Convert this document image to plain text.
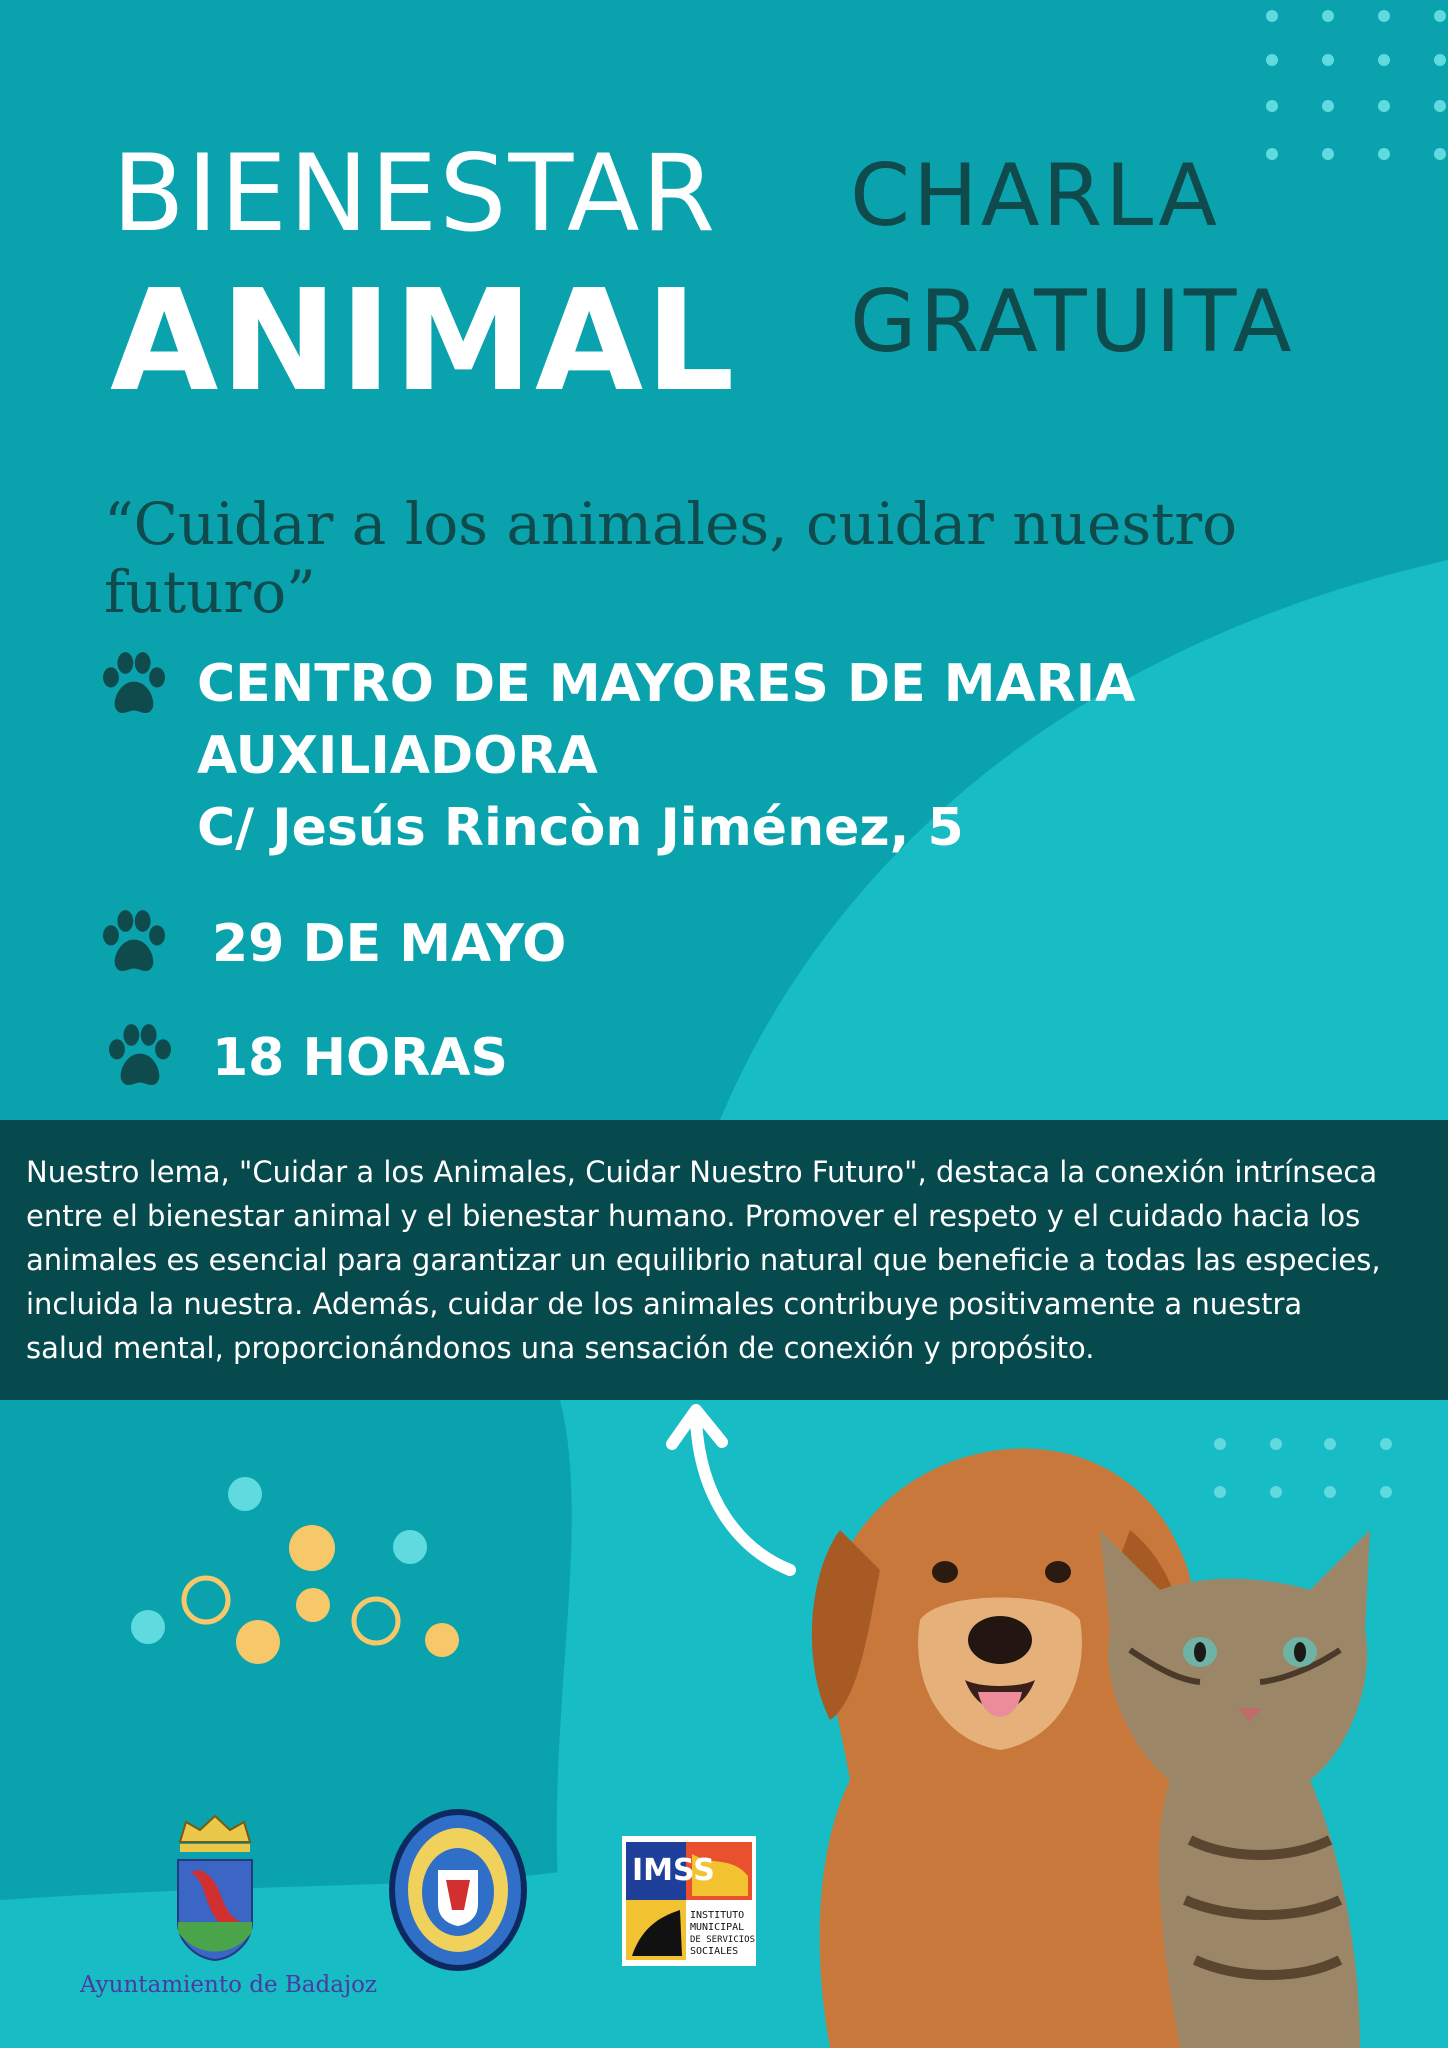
BIENESTAR
ANIMAL
CHARLA
GRATUITA
“Cuidar a los animales, cuidar nuestro futuro”
CENTRO DE MAYORES DE MARIA
AUXILIADORA
C/ Jesús Rincòn Jiménez, 5
29 DE MAYO
18 HORAS
Nuestro lema, "Cuidar a los Animales, Cuidar Nuestro Futuro", destaca la conexión intrínseca
entre el bienestar animal y el bienestar humano. Promover el respeto y el cuidado hacia los
animales es esencial para garantizar un equilibrio natural que beneficie a todas las especies,
incluida la nuestra. Además, cuidar de los animales contribuye positivamente a nuestra
salud mental, proporcionándonos una sensación de conexión y propósito.
Ayuntamiento de Badajoz
IMSS
INSTITUTO
MUNICIPAL
DE SERVICIOS
SOCIALES
